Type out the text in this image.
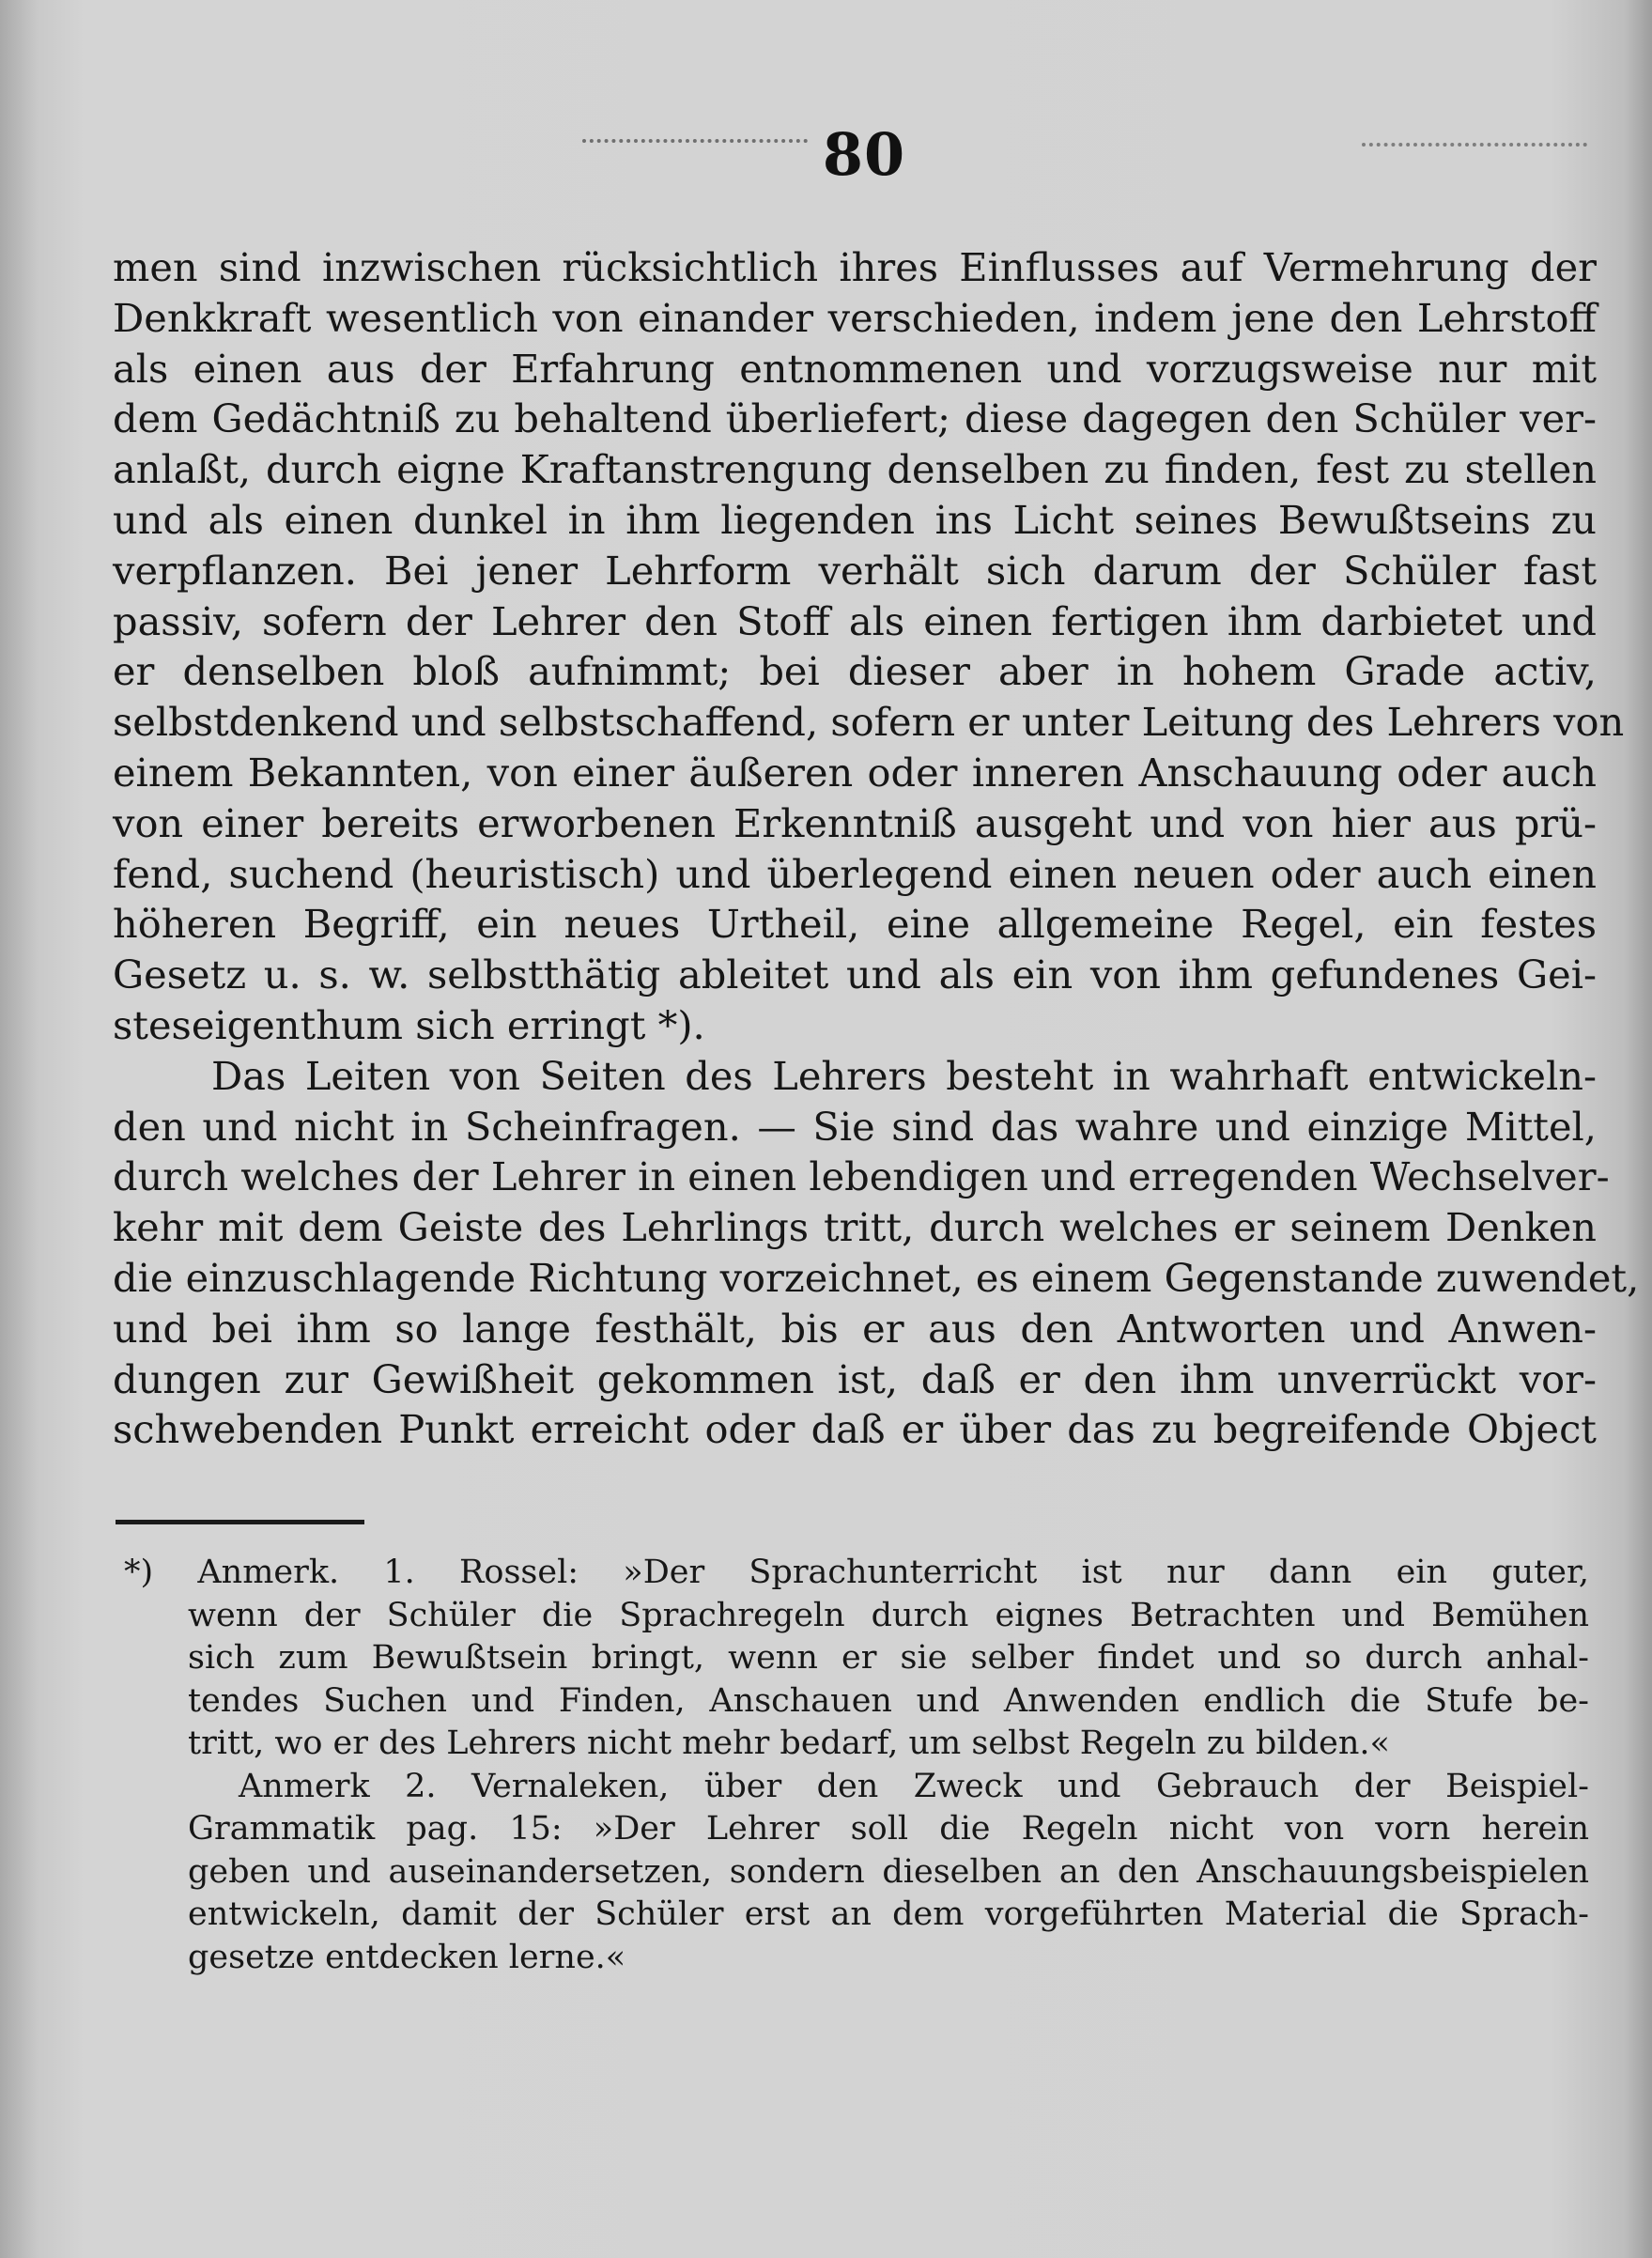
80
men sind inzwischen rücksichtlich ihres Einflusses auf Vermehrung der
Denkkraft wesentlich von einander verschieden, indem jene den Lehrstoff
als einen aus der Erfahrung entnommenen und vorzugsweise nur mit
dem Gedächtniß zu behaltend überliefert; diese dagegen den Schüler ver-
anlaßt, durch eigne Kraftanstrengung denselben zu finden, fest zu stellen
und als einen dunkel in ihm liegenden ins Licht seines Bewußtseins zu
verpflanzen. Bei jener Lehrform verhält sich darum der Schüler fast
passiv, sofern der Lehrer den Stoff als einen fertigen ihm darbietet und
er denselben bloß aufnimmt; bei dieser aber in hohem Grade activ,
selbstdenkend und selbstschaffend, sofern er unter Leitung des Lehrers von
einem Bekannten, von einer äußeren oder inneren Anschauung oder auch
von einer bereits erworbenen Erkenntniß ausgeht und von hier aus prü-
fend, suchend (heuristisch) und überlegend einen neuen oder auch einen
höheren Begriff, ein neues Urtheil, eine allgemeine Regel, ein festes
Gesetz u. s. w. selbstthätig ableitet und als ein von ihm gefundenes Gei-
steseigenthum sich erringt *).
Das Leiten von Seiten des Lehrers besteht in wahrhaft entwickeln-
den und nicht in Scheinfragen. — Sie sind das wahre und einzige Mittel,
durch welches der Lehrer in einen lebendigen und erregenden Wechselver-
kehr mit dem Geiste des Lehrlings tritt, durch welches er seinem Denken
die einzuschlagende Richtung vorzeichnet, es einem Gegenstande zuwendet,
und bei ihm so lange festhält, bis er aus den Antworten und Anwen-
dungen zur Gewißheit gekommen ist, daß er den ihm unverrückt vor-
schwebenden Punkt erreicht oder daß er über das zu begreifende Object
*) Anmerk. 1. Rossel: »Der Sprachunterricht ist nur dann ein guter,
wenn der Schüler die Sprachregeln durch eignes Betrachten und Bemühen
sich zum Bewußtsein bringt, wenn er sie selber findet und so durch anhal-
tendes Suchen und Finden, Anschauen und Anwenden endlich die Stufe be-
tritt, wo er des Lehrers nicht mehr bedarf, um selbst Regeln zu bilden.«
Anmerk 2. Vernaleken, über den Zweck und Gebrauch der Beispiel-
Grammatik pag. 15: »Der Lehrer soll die Regeln nicht von vorn herein
geben und auseinandersetzen, sondern dieselben an den Anschauungsbeispielen
entwickeln, damit der Schüler erst an dem vorgeführten Material die Sprach-
gesetze entdecken lerne.«
